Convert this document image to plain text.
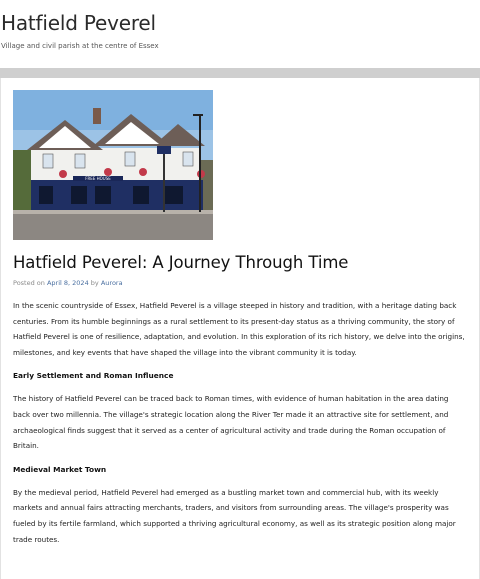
Hatfield Peverel
Village and civil parish at the centre of Essex
FREE HOUSE
Hatfield Peverel: A Journey Through Time
Posted on April 8, 2024 by Aurora

In the scenic countryside of Essex, Hatfield Peverel is a village steeped in history and tradition, with a heritage dating back centuries. From its humble beginnings as a rural settlement to its present-day status as a thriving community, the story of Hatfield Peverel is one of resilience, adaptation, and evolution. In this exploration of its rich history, we delve into the origins, milestones, and key events that have shaped the village into the vibrant community it is today.

Early Settlement and Roman Influence

The history of Hatfield Peverel can be traced back to Roman times, with evidence of human habitation in the area dating back over two millennia. The village's strategic location along the River Ter made it an attractive site for settlement, and archaeological finds suggest that it served as a center of agricultural activity and trade during the Roman occupation of Britain.

Medieval Market Town

By the medieval period, Hatfield Peverel had emerged as a bustling market town and commercial hub, with its weekly markets and annual fairs attracting merchants, traders, and visitors from surrounding areas. The village's prosperity was fueled by its fertile farmland, which supported a thriving agricultural economy, as well as its strategic position along major trade routes.
